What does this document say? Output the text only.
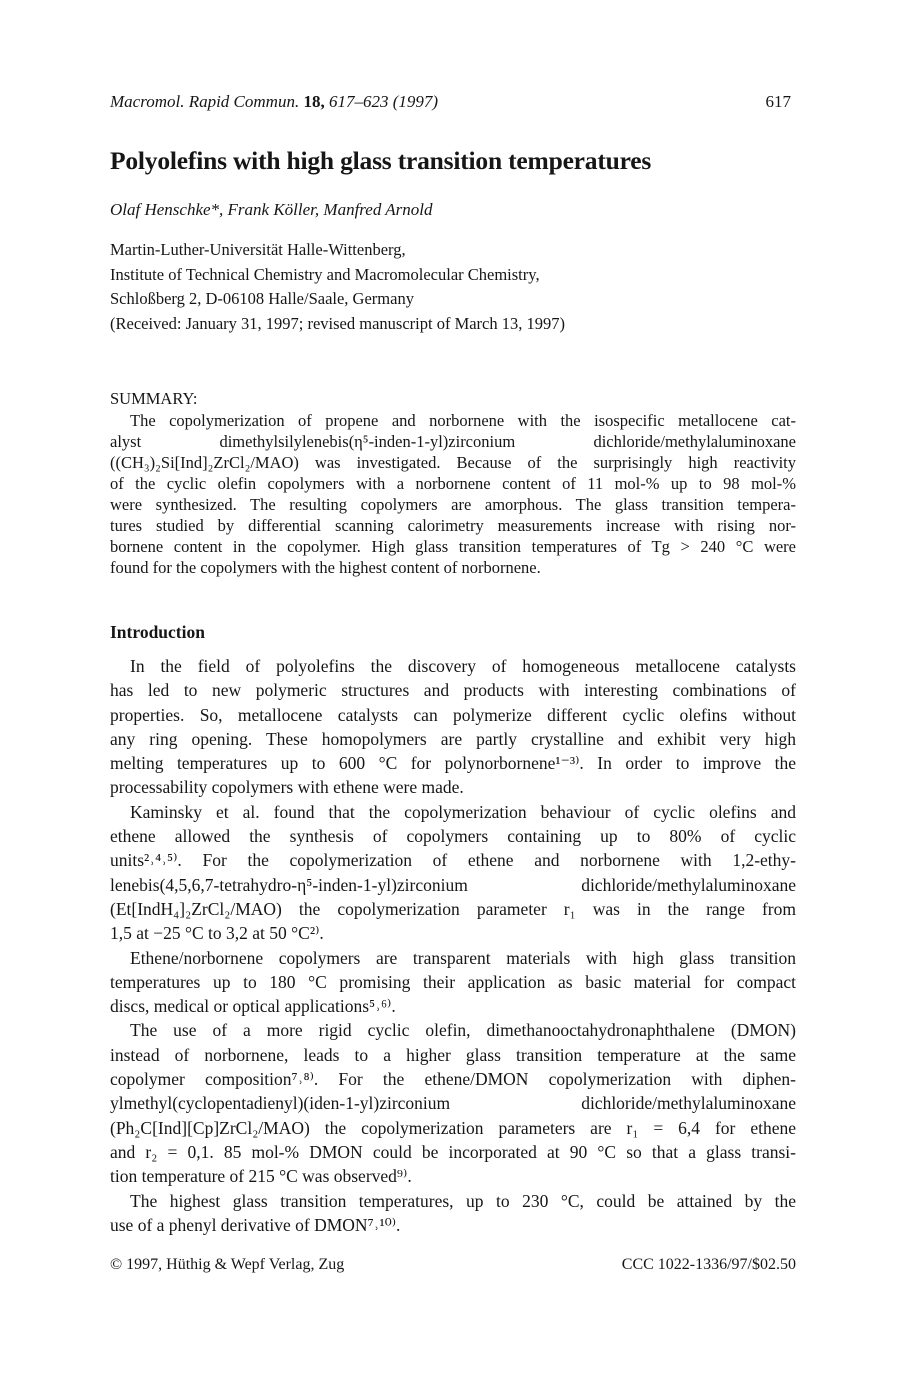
Macromol. Rapid Commun. 18, 617–623 (1997)	617
Polyolefins with high glass transition temperatures
Olaf Henschke*, Frank Köller, Manfred Arnold
Martin-Luther-Universität Halle-Wittenberg,
Institute of Technical Chemistry and Macromolecular Chemistry,
Schloßberg 2, D-06108 Halle/Saale, Germany
(Received: January 31, 1997; revised manuscript of March 13, 1997)
SUMMARY:
The copolymerization of propene and norbornene with the isospecific metallocene cat-
alyst dimethylsilylenebis(η⁵-inden-1-yl)zirconium dichloride/methylaluminoxane
((CH₃)₂Si[Ind]₂ZrCl₂/MAO) was investigated. Because of the surprisingly high reactivity
of the cyclic olefin copolymers with a norbornene content of 11 mol-% up to 98 mol-%
were synthesized. The resulting copolymers are amorphous. The glass transition tempera-
tures studied by differential scanning calorimetry measurements increase with rising nor-
bornene content in the copolymer. High glass transition temperatures of Tg > 240 °C were
found for the copolymers with the highest content of norbornene.
Introduction
In the field of polyolefins the discovery of homogeneous metallocene catalysts
has led to new polymeric structures and products with interesting combinations of
properties. So, metallocene catalysts can polymerize different cyclic olefins without
any ring opening. These homopolymers are partly crystalline and exhibit very high
melting temperatures up to 600 °C for polynorbornene¹⁻³⁾. In order to improve the
processability copolymers with ethene were made.
Kaminsky et al. found that the copolymerization behaviour of cyclic olefins and
ethene allowed the synthesis of copolymers containing up to 80% of cyclic
units²˒⁴˒⁵⁾. For the copolymerization of ethene and norbornene with 1,2-ethy-
lenebis(4,5,6,7-tetrahydro-η⁵-inden-1-yl)zirconium dichloride/methylaluminoxane
(Et[IndH₄]₂ZrCl₂/MAO) the copolymerization parameter r₁ was in the range from
1,5 at −25 °C to 3,2 at 50 °C²⁾.
Ethene/norbornene copolymers are transparent materials with high glass transition
temperatures up to 180 °C promising their application as basic material for compact
discs, medical or optical applications⁵˒⁶⁾.
The use of a more rigid cyclic olefin, dimethanooctahydronaphthalene (DMON)
instead of norbornene, leads to a higher glass transition temperature at the same
copolymer composition⁷˒⁸⁾. For the ethene/DMON copolymerization with diphen-
ylmethyl(cyclopentadienyl)(iden-1-yl)zirconium dichloride/methylaluminoxane
(Ph₂C[Ind][Cp]ZrCl₂/MAO) the copolymerization parameters are r₁ = 6,4 for ethene
and r₂ = 0,1. 85 mol-% DMON could be incorporated at 90 °C so that a glass transi-
tion temperature of 215 °C was observed⁹⁾.
The highest glass transition temperatures, up to 230 °C, could be attained by the
use of a phenyl derivative of DMON⁷˒¹⁰⁾.
© 1997, Hüthig & Wepf Verlag, Zug	CCC 1022-1336/97/$02.50
